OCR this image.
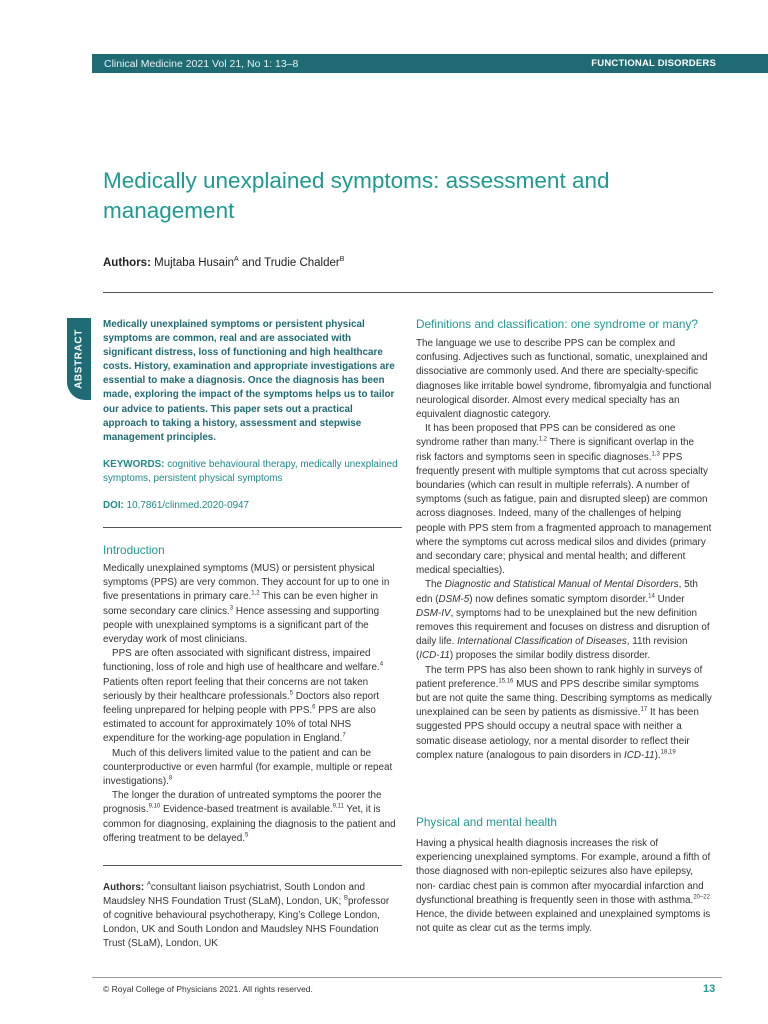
Clinical Medicine 2021 Vol 21, No 1: 13–8	FUNCTIONAL DISORDERS
Medically unexplained symptoms: assessment and management
Authors: Mujtaba Husain$^A$ and Trudie Chalder$^B$
ABSTRACT

Medically unexplained symptoms or persistent physical symptoms are common, real and are associated with significant distress, loss of functioning and high healthcare costs. History, examination and appropriate investigations are essential to make a diagnosis. Once the diagnosis has been made, exploring the impact of the symptoms helps us to tailor our advice to patients. This paper sets out a practical approach to taking a history, assessment and stepwise management principles.

KEYWORDS: cognitive behavioural therapy, medically unexplained symptoms, persistent physical symptoms

DOI: 10.7861/clinmed.2020-0947

Introduction

Medically unexplained symptoms (MUS) or persistent physical symptoms (PPS) are very common. They account for up to one in five presentations in primary care.$^{1,2}$ This can be even higher in some secondary care clinics.$^3$ Hence assessing and supporting people with unexplained symptoms is a significant part of the everyday work of most clinicians.

PPS are often associated with significant distress, impaired functioning, loss of role and high use of healthcare and welfare.$^4$ Patients often report feeling that their concerns are not taken seriously by their healthcare professionals.$^5$ Doctors also report feeling unprepared for helping people with PPS.$^6$ PPS are also estimated to account for approximately 10% of total NHS expenditure for the working-age population in England.$^7$

Much of this delivers limited value to the patient and can be counterproductive or even harmful (for example, multiple or repeat investigations).$^8$

The longer the duration of untreated symptoms the poorer the prognosis.$^{9,10}$ Evidence-based treatment is available.$^{9,11}$ Yet, it is common for diagnosing, explaining the diagnosis to the patient and offering treatment to be delayed.$^5$

Authors: $^A$consultant liaison psychiatrist, South London and Maudsley NHS Foundation Trust (SLaM), London, UK; $^B$professor of cognitive behavioural psychotherapy, King’s College London, London, UK and South London and Maudsley NHS Foundation Trust (SLaM), London, UK

Definitions and classification: one syndrome or many?

The language we use to describe PPS can be complex and confusing. Adjectives such as functional, somatic, unexplained and dissociative are commonly used. And there are specialty-specific diagnoses like irritable bowel syndrome, fibromyalgia and functional neurological disorder. Almost every medical specialty has an equivalent diagnostic category.

It has been proposed that PPS can be considered as one syndrome rather than many.$^{1,2}$ There is significant overlap in the risk factors and symptoms seen in specific diagnoses.$^{1,3}$ PPS frequently present with multiple symptoms that cut across specialty boundaries (which can result in multiple referrals). A number of symptoms (such as fatigue, pain and disrupted sleep) are common across diagnoses. Indeed, many of the challenges of helping people with PPS stem from a fragmented approach to management where the symptoms cut across medical silos and divides (primary and secondary care; physical and mental health; and different medical specialties).

The Diagnostic and Statistical Manual of Mental Disorders, 5th edn (DSM-5) now defines somatic symptom disorder.$^{14}$ Under DSM-IV, symptoms had to be unexplained but the new definition removes this requirement and focuses on distress and disruption of daily life. International Classification of Diseases, 11th revision (ICD-11) proposes the similar bodily distress disorder.

The term PPS has also been shown to rank highly in surveys of patient preference.$^{15,16}$ MUS and PPS describe similar symptoms but are not quite the same thing. Describing symptoms as medically unexplained can be seen by patients as dismissive.$^{17}$ It has been suggested PPS should occupy a neutral space with neither a somatic disease aetiology, nor a mental disorder to reflect their complex nature (analogous to pain disorders in ICD-11).$^{18,19}$

Physical and mental health

Having a physical health diagnosis increases the risk of experiencing unexplained symptoms. For example, around a fifth of those diagnosed with non-epileptic seizures also have epilepsy, non- cardiac chest pain is common after myocardial infarction and dysfunctional breathing is frequently seen in those with asthma.$^{20-22}$ Hence, the divide between explained and unexplained symptoms is not quite as clear cut as the terms imply.

© Royal College of Physicians 2021. All rights reserved.	13
